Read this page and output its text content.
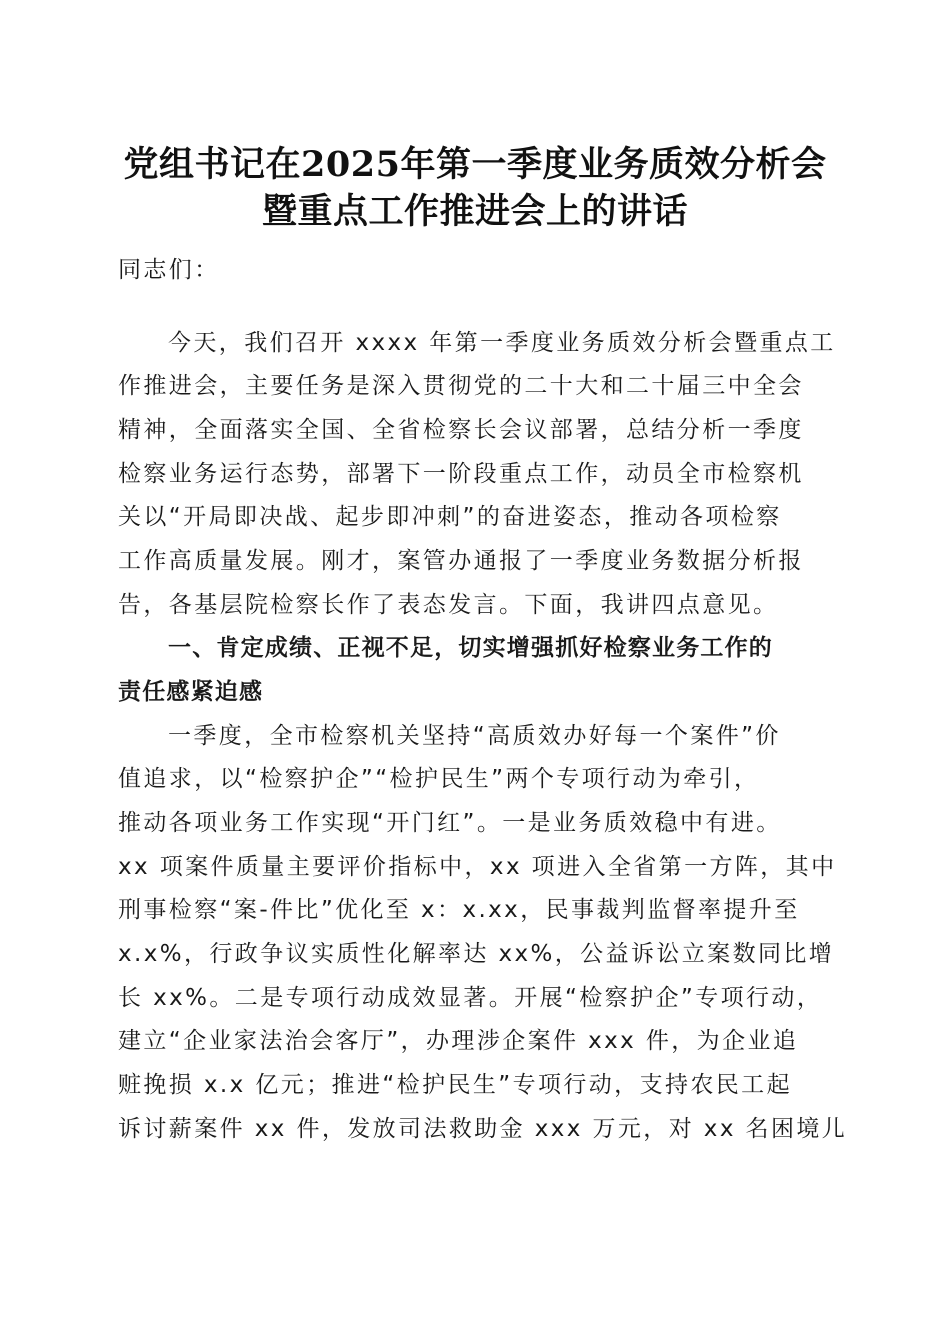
党组书记在2025年第一季度业务质效分析会
暨重点工作推进会上的讲话
同志们：
今天，我们召开 xxxx 年第一季度业务质效分析会暨重点工
作推进会，主要任务是深入贯彻党的二十大和二十届三中全会
精神，全面落实全国、全省检察长会议部署，总结分析一季度
检察业务运行态势，部署下一阶段重点工作，动员全市检察机
关以“开局即决战、起步即冲刺”的奋进姿态，推动各项检察
工作高质量发展。刚才，案管办通报了一季度业务数据分析报
告，各基层院检察长作了表态发言。下面，我讲四点意见。
一、肯定成绩、正视不足，切实增强抓好检察业务工作的
责任感紧迫感
一季度，全市检察机关坚持“高质效办好每一个案件”价
值追求，以“检察护企”“检护民生”两个专项行动为牵引，
推动各项业务工作实现“开门红”。一是业务质效稳中有进。
xx 项案件质量主要评价指标中，xx 项进入全省第一方阵，其中
刑事检察“案-件比”优化至 x：x.xx，民事裁判监督率提升至
x.x%，行政争议实质性化解率达 xx%，公益诉讼立案数同比增
长 xx%。二是专项行动成效显著。开展“检察护企”专项行动，
建立“企业家法治会客厅”，办理涉企案件 xxx 件，为企业追
赃挽损 x.x 亿元；推进“检护民生”专项行动，支持农民工起
诉讨薪案件 xx 件，发放司法救助金 xxx 万元，对 xx 名困境儿
